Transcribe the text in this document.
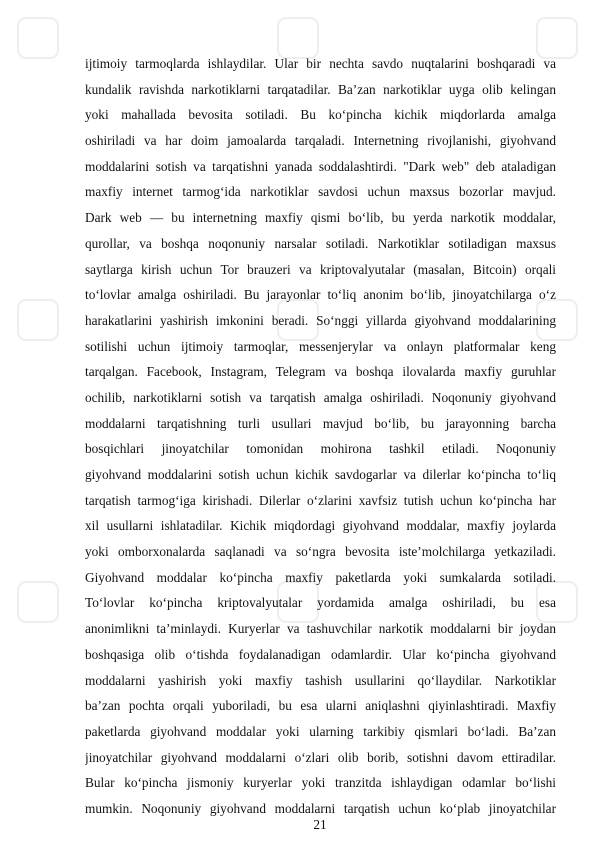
ijtimoiy tarmoqlarda ishlaydilar. Ular bir nechta savdo nuqtalarini boshqaradi va
kundalik ravishda narkotiklarni tarqatadilar. Baʼzan narkotiklar uyga olib kelingan
yoki mahallada bevosita sotiladi. Bu koʻpincha kichik miqdorlarda amalga
oshiriladi va har doim jamoalarda tarqaladi. Internetning rivojlanishi, giyohvand
moddalarini sotish va tarqatishni yanada soddalashtirdi. "Dark web" deb ataladigan
maxfiy internet tarmogʻida narkotiklar savdosi uchun maxsus bozorlar mavjud.
Dark web — bu internetning maxfiy qismi boʻlib, bu yerda narkotik moddalar,
qurollar, va boshqa noqonuniy narsalar sotiladi. Narkotiklar sotiladigan maxsus
saytlarga kirish uchun Tor brauzeri va kriptovalyutalar (masalan, Bitcoin) orqali
toʻlovlar amalga oshiriladi. Bu jarayonlar toʻliq anonim boʻlib, jinoyatchilarga oʻz
harakatlarini yashirish imkonini beradi. Soʻnggi yillarda giyohvand moddalarining
sotilishi uchun ijtimoiy tarmoqlar, messenjerylar va onlayn platformalar keng
tarqalgan. Facebook, Instagram, Telegram va boshqa ilovalarda maxfiy guruhlar
ochilib, narkotiklarni sotish va tarqatish amalga oshiriladi. Noqonuniy giyohvand
moddalarni tarqatishning turli usullari mavjud boʻlib, bu jarayonning barcha
bosqichlari jinoyatchilar tomonidan mohirona tashkil etiladi. Noqonuniy
giyohvand moddalarini sotish uchun kichik savdogarlar va dilerlar koʻpincha toʻliq
tarqatish tarmogʻiga kirishadi. Dilerlar oʻzlarini xavfsiz tutish uchun koʻpincha har
xil usullarni ishlatadilar. Kichik miqdordagi giyohvand moddalar, maxfiy joylarda
yoki omborxonalarda saqlanadi va soʻngra bevosita isteʼmolchilarga yetkaziladi.
Giyohvand moddalar koʻpincha maxfiy paketlarda yoki sumkalarda sotiladi.
Toʻlovlar koʻpincha kriptovalyutalar yordamida amalga oshiriladi, bu esa
anonimlikni taʼminlaydi. Kuryerlar va tashuvchilar narkotik moddalarni bir joydan
boshqasiga olib oʻtishda foydalanadigan odamlardir. Ular koʻpincha giyohvand
moddalarni yashirish yoki maxfiy tashish usullarini qoʻllaydilar. Narkotiklar
baʼzan pochta orqali yuboriladi, bu esa ularni aniqlashni qiyinlashtiradi. Maxfiy
paketlarda giyohvand moddalar yoki ularning tarkibiy qismlari boʻladi. Baʼzan
jinoyatchilar giyohvand moddalarni oʻzlari olib borib, sotishni davom ettiradilar.
Bular koʻpincha jismoniy kuryerlar yoki tranzitda ishlaydigan odamlar boʻlishi
mumkin. Noqonuniy giyohvand moddalarni tarqatish uchun koʻplab jinoyatchilar
21
